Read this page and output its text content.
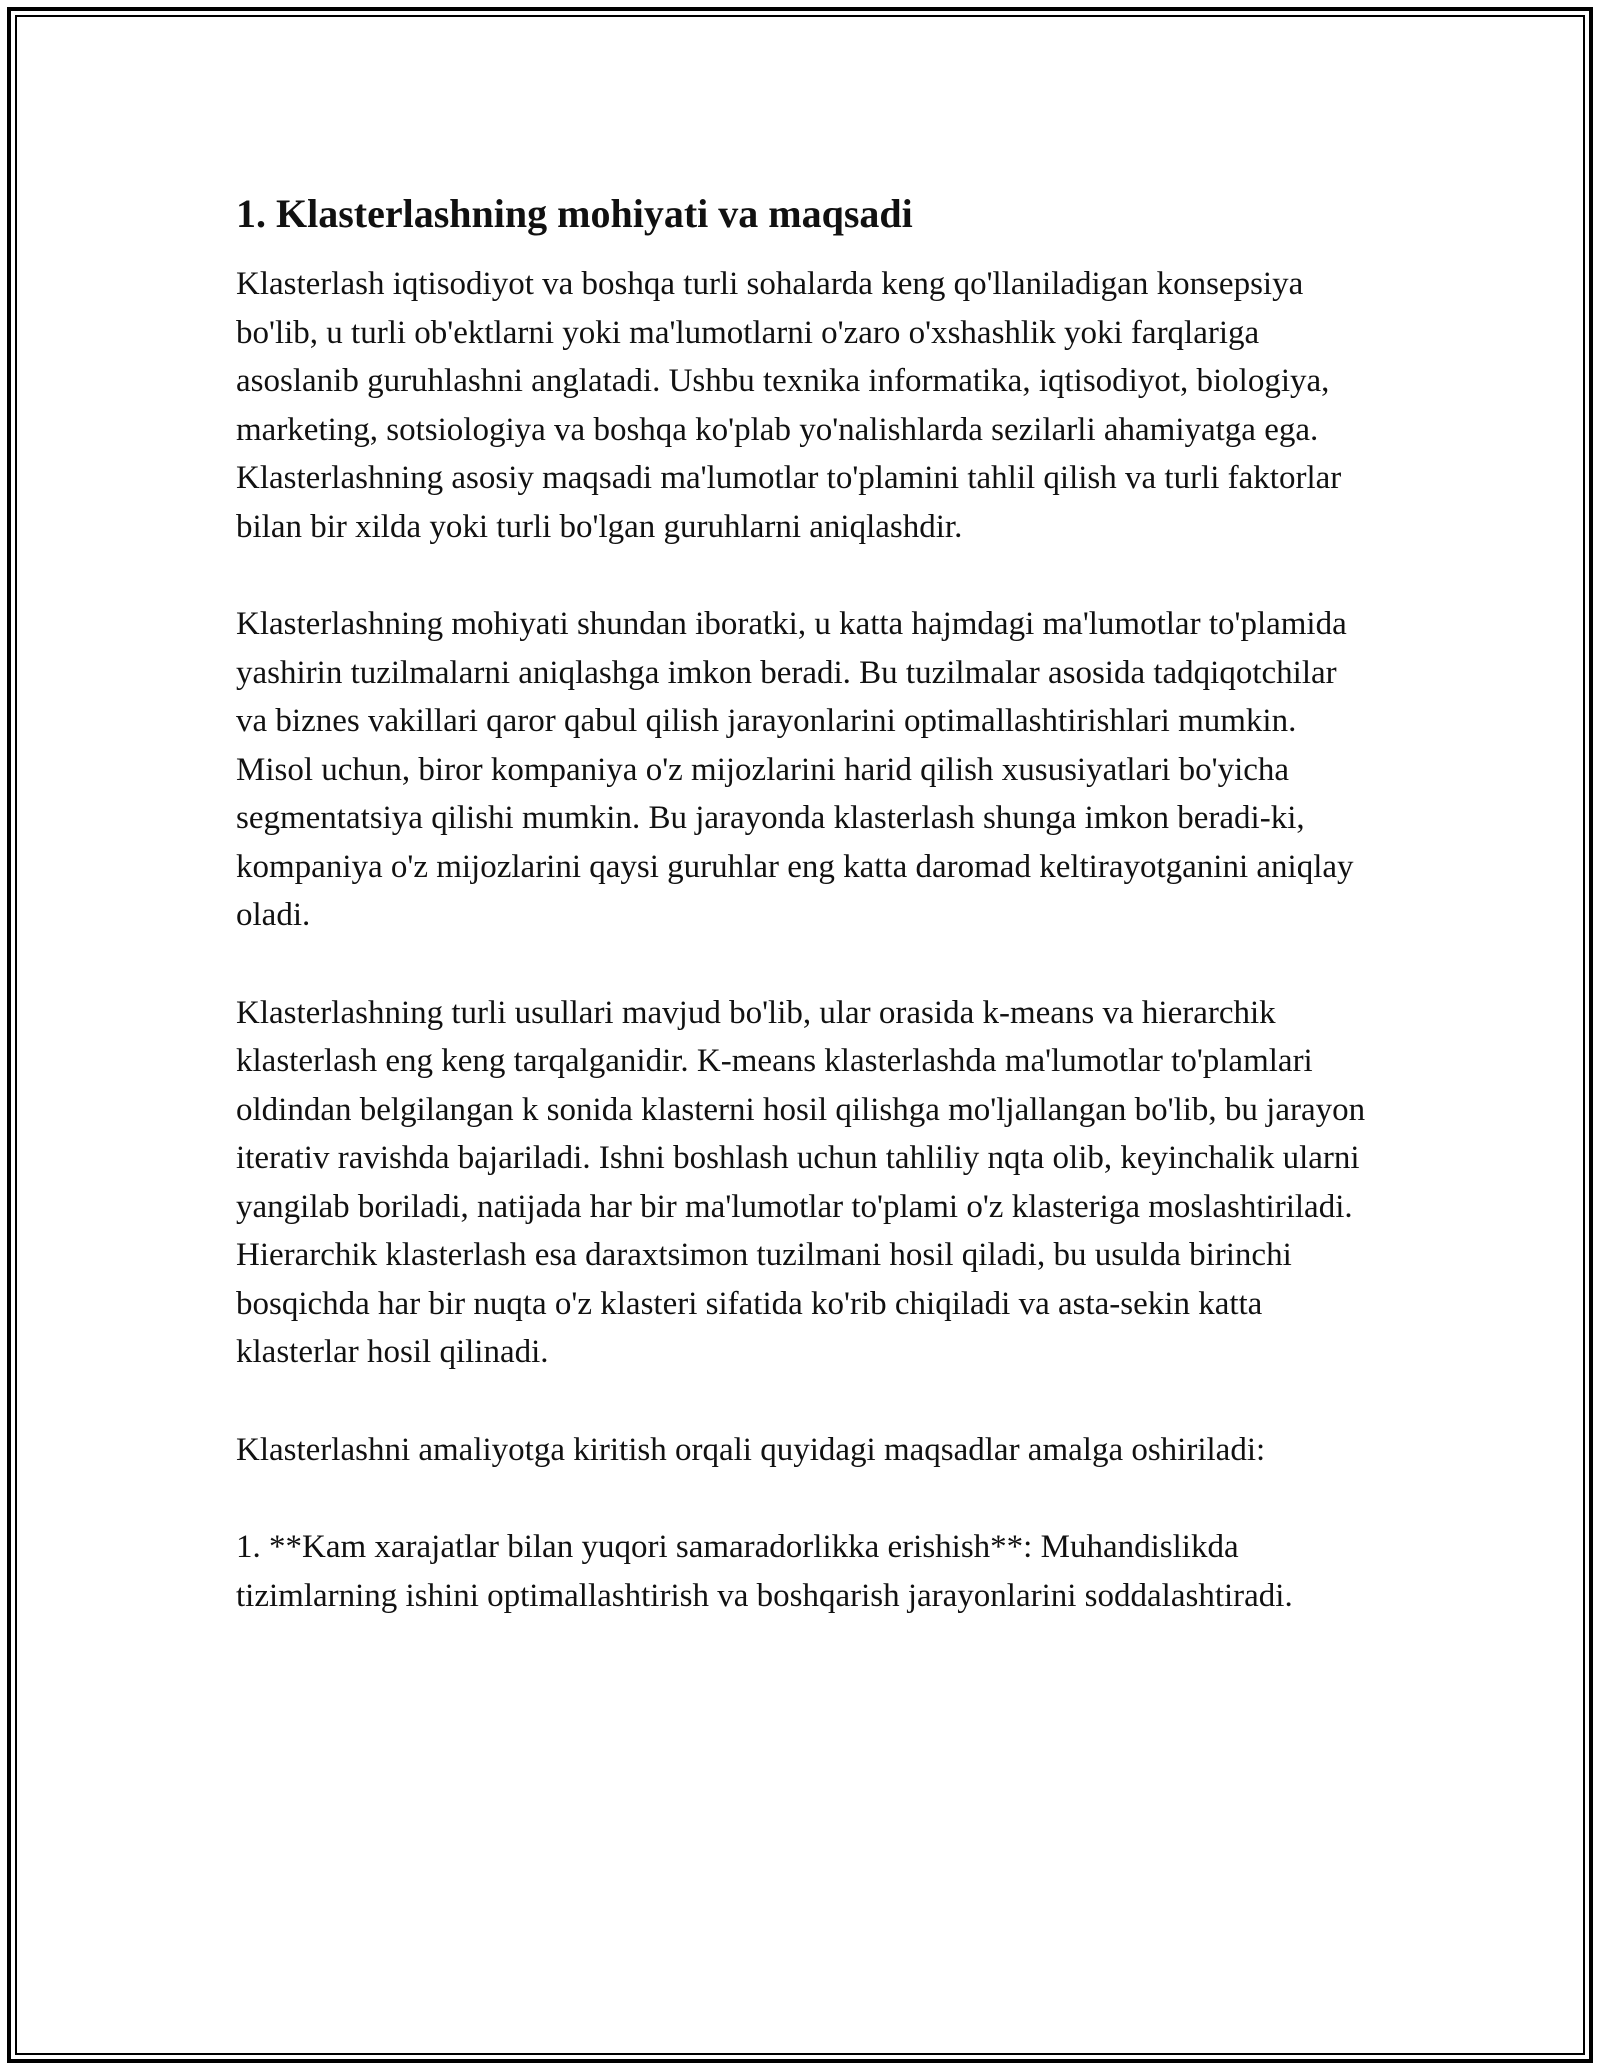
1. Klasterlashning mohiyati va maqsadi

Klasterlash iqtisodiyot va boshqa turli sohalarda keng qo'llaniladigan konsepsiya bo'lib, u turli ob'ektlarni yoki ma'lumotlarni o'zaro o'xshashlik yoki farqlariga asoslanib guruhlashni anglatadi. Ushbu texnika informatika, iqtisodiyot, biologiya, marketing, sotsiologiya va boshqa ko'plab yo'nalishlarda sezilarli ahamiyatga ega. Klasterlashning asosiy maqsadi ma'lumotlar to'plamini tahlil qilish va turli faktorlar bilan bir xilda yoki turli bo'lgan guruhlarni aniqlashdir.

Klasterlashning mohiyati shundan iboratki, u katta hajmdagi ma'lumotlar to'plamida yashirin tuzilmalarni aniqlashga imkon beradi. Bu tuzilmalar asosida tadqiqotchilar va biznes vakillari qaror qabul qilish jarayonlarini optimallashtirishlari mumkin. Misol uchun, biror kompaniya o'z mijozlarini harid qilish xususiyatlari bo'yicha segmentatsiya qilishi mumkin. Bu jarayonda klasterlash shunga imkon beradi-ki, kompaniya o'z mijozlarini qaysi guruhlar eng katta daromad keltirayotganini aniqlay oladi.

Klasterlashning turli usullari mavjud bo'lib, ular orasida k-means va hierarchik klasterlash eng keng tarqalganidir. K-means klasterlashda ma'lumotlar to'plamlari oldindan belgilangan k sonida klasterni hosil qilishga mo'ljallangan bo'lib, bu jarayon iterativ ravishda bajariladi. Ishni boshlash uchun tahliliy nqta olib, keyinchalik ularni yangilab boriladi, natijada har bir ma'lumotlar to'plami o'z klasteriga moslashtiriladi. Hierarchik klasterlash esa daraxtsimon tuzilmani hosil qiladi, bu usulda birinchi bosqichda har bir nuqta o'z klasteri sifatida ko'rib chiqiladi va asta-sekin katta klasterlar hosil qilinadi.

Klasterlashni amaliyotga kiritish orqali quyidagi maqsadlar amalga oshiriladi:

1. **Kam xarajatlar bilan yuqori samaradorlikka erishish**: Muhandislikda tizimlarning ishini optimallashtirish va boshqarish jarayonlarini soddalashtiradi.
